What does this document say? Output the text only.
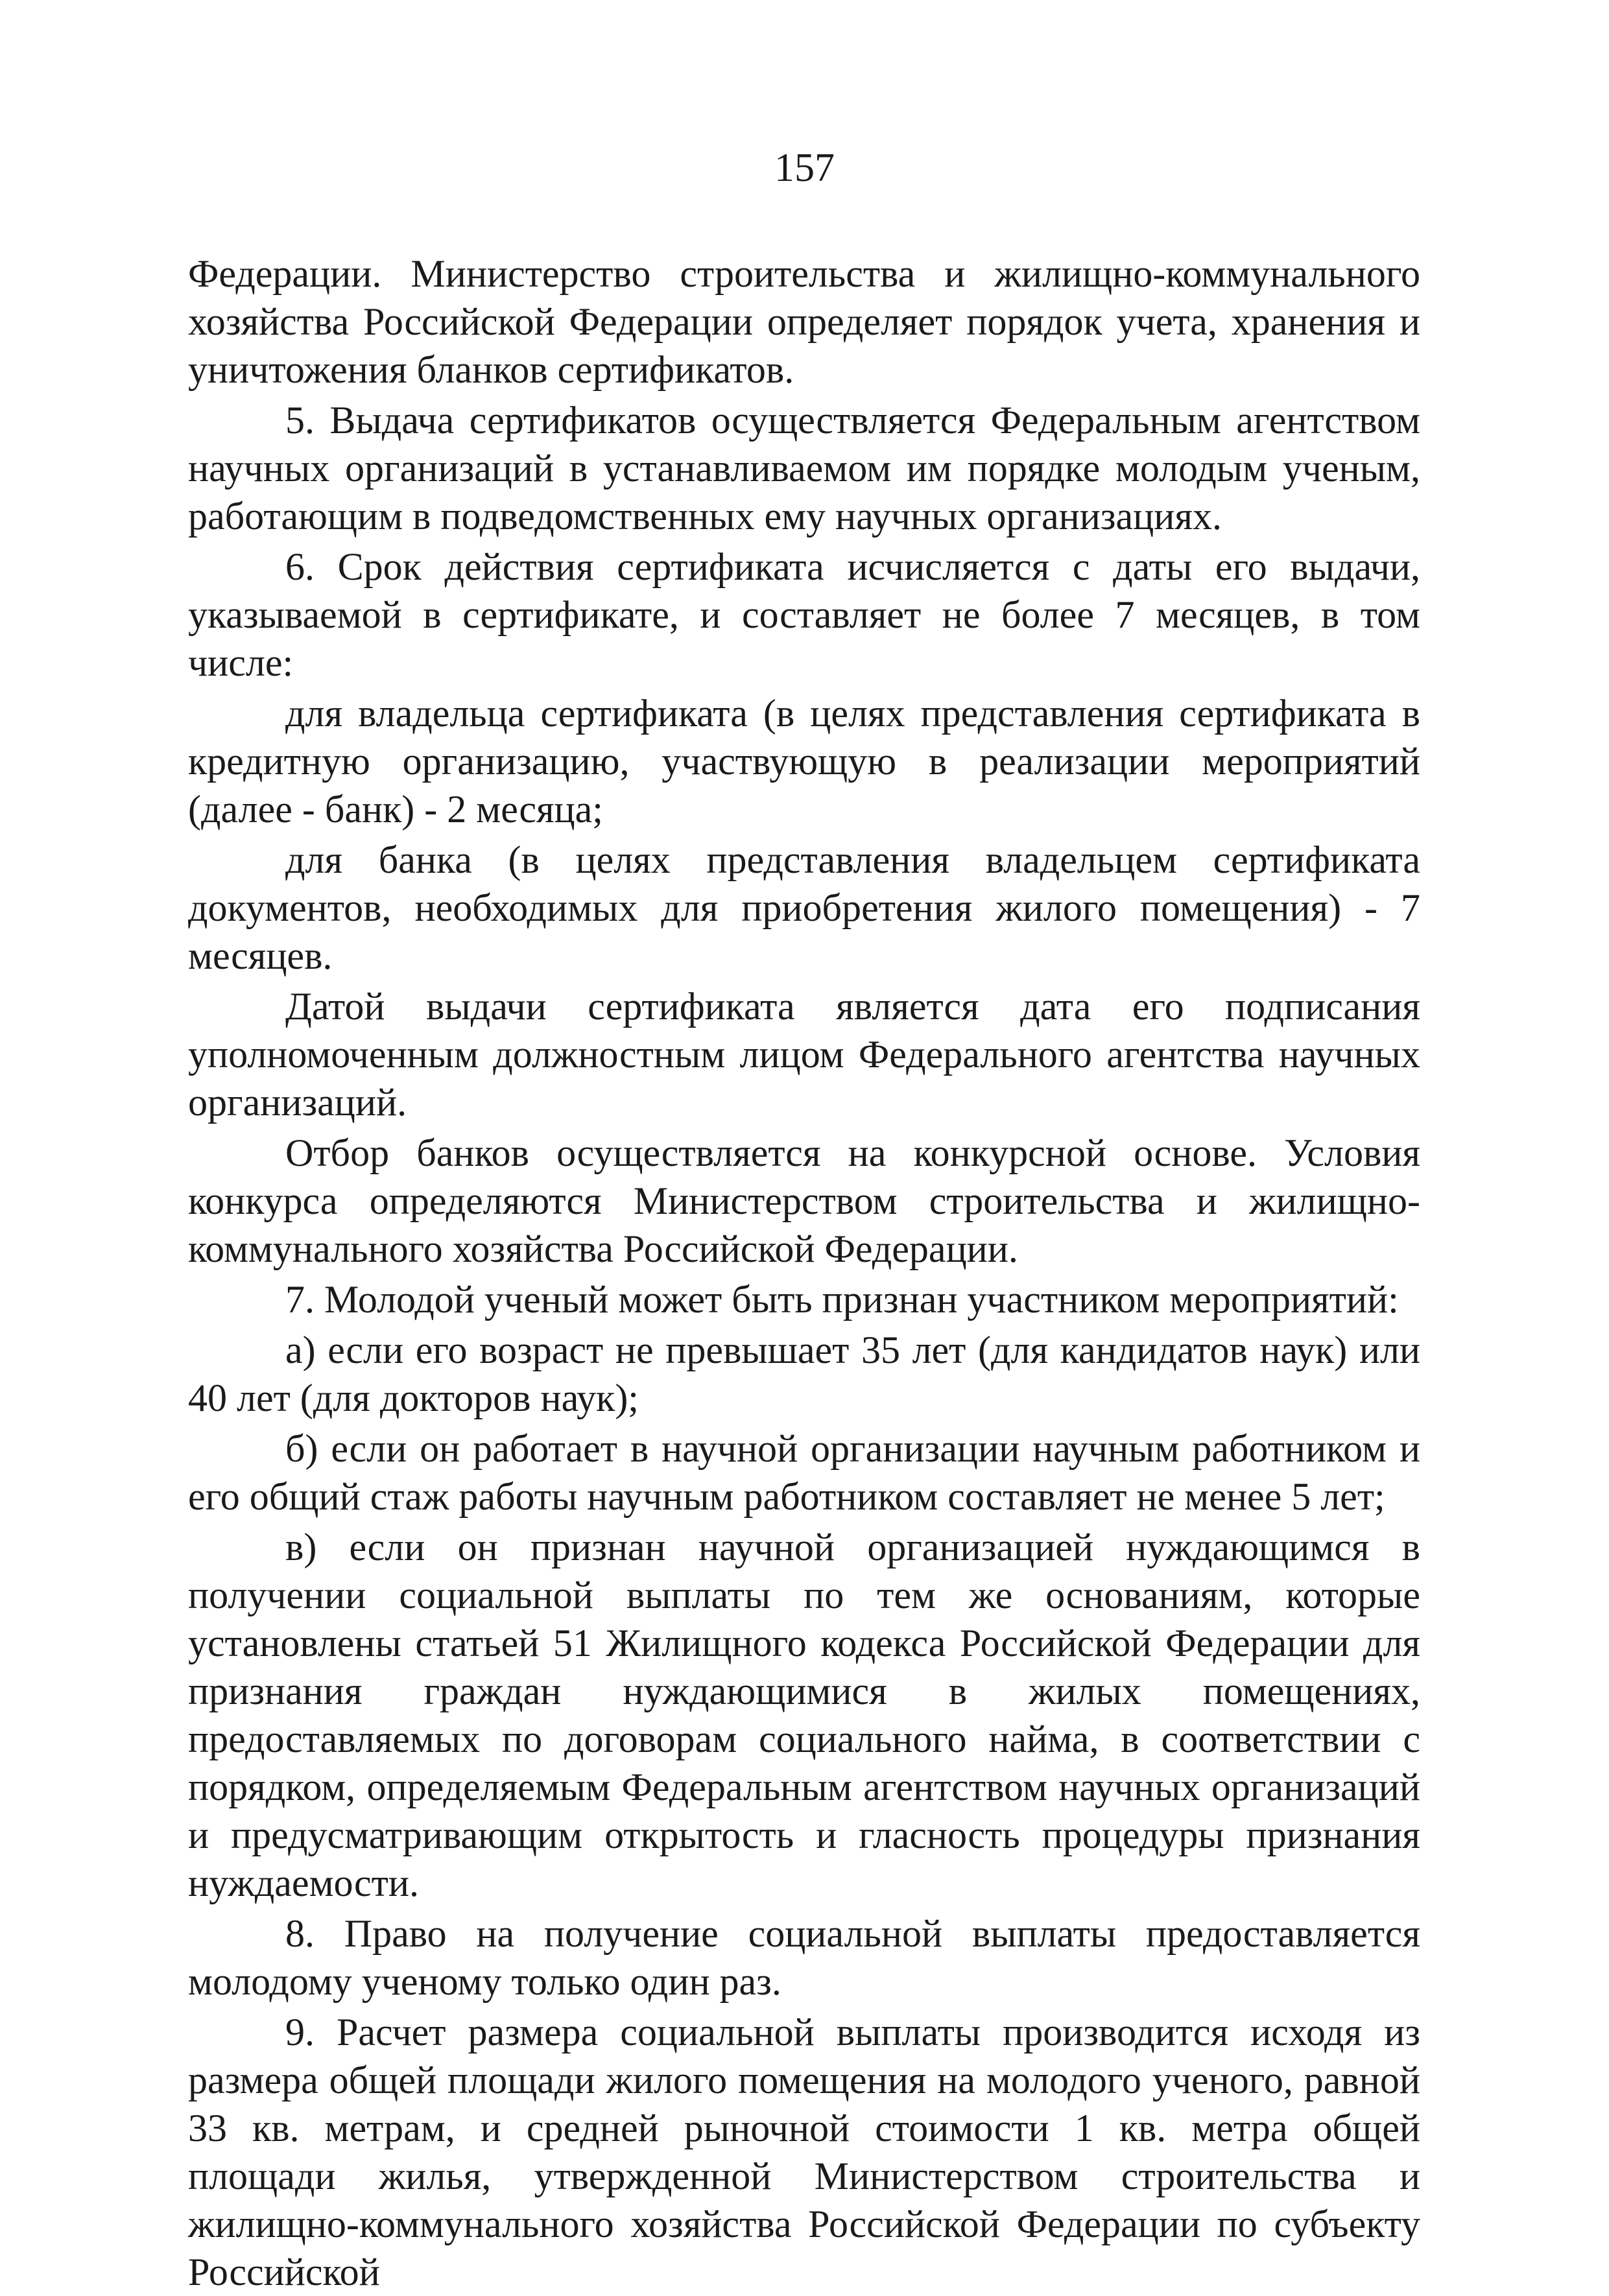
157

Федерации. Министерство строительства и жилищно-коммунального хозяйства Российской Федерации определяет порядок учета, хранения и уничтожения бланков сертификатов.

5. Выдача сертификатов осуществляется Федеральным агентством научных организаций в устанавливаемом им порядке молодым ученым, работающим в подведомственных ему научных организациях.

6. Срок действия сертификата исчисляется с даты его выдачи, указываемой в сертификате, и составляет не более 7 месяцев, в том числе:

для владельца сертификата (в целях представления сертификата в кредитную организацию, участвующую в реализации мероприятий (далее - банк) - 2 месяца;

для банка (в целях представления владельцем сертификата документов, необходимых для приобретения жилого помещения) - 7 месяцев.

Датой выдачи сертификата является дата его подписания уполномоченным должностным лицом Федерального агентства научных организаций.

Отбор банков осуществляется на конкурсной основе. Условия конкурса определяются Министерством строительства и жилищно-коммунального хозяйства Российской Федерации.

7. Молодой ученый может быть признан участником мероприятий:

а) если его возраст не превышает 35 лет (для кандидатов наук) или 40 лет (для докторов наук);

б) если он работает в научной организации научным работником и его общий стаж работы научным работником составляет не менее 5 лет;

в) если он признан научной организацией нуждающимся в получении социальной выплаты по тем же основаниям, которые установлены статьей 51 Жилищного кодекса Российской Федерации для признания граждан нуждающимися в жилых помещениях, предоставляемых по договорам социального найма, в соответствии с порядком, определяемым Федеральным агентством научных организаций и предусматривающим открытость и гласность процедуры признания нуждаемости.

8. Право на получение социальной выплаты предоставляется молодому ученому только один раз.

9. Расчет размера социальной выплаты производится исходя из размера общей площади жилого помещения на молодого ученого, равной 33 кв. метрам, и средней рыночной стоимости 1 кв. метра общей площади жилья, утвержденной Министерством строительства и жилищно-коммунального хозяйства Российской Федерации по субъекту Российской
